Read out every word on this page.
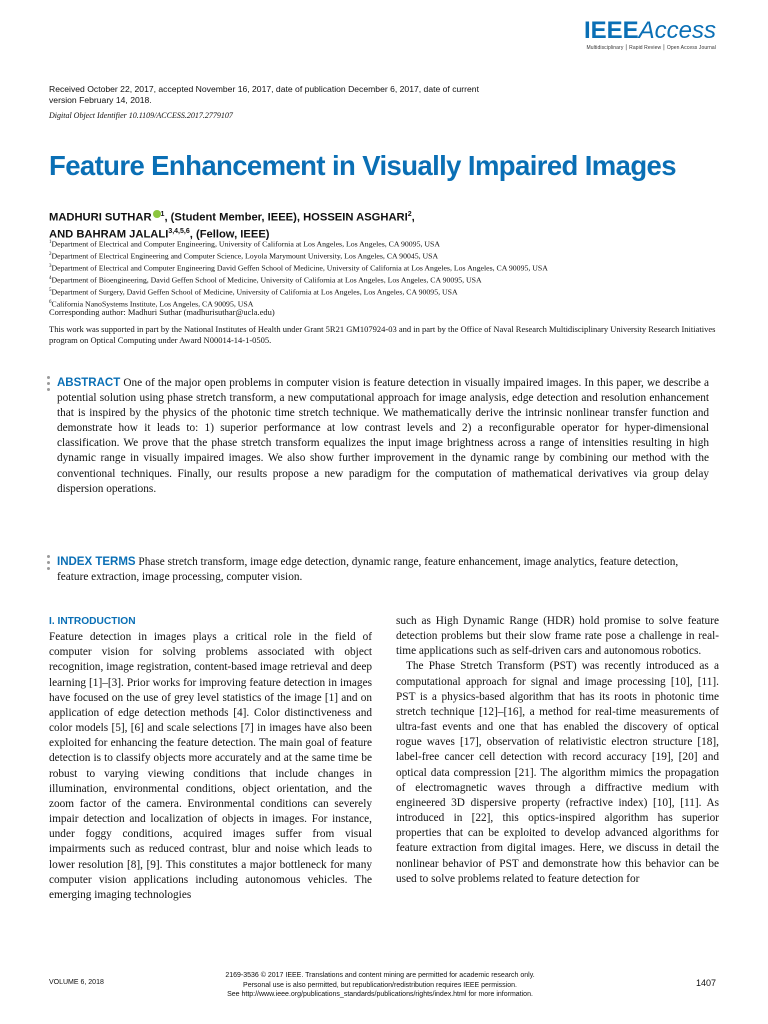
IEEEAccess
Multidisciplinary ⎮ Rapid Review ⎮ Open Access Journal
Received October 22, 2017, accepted November 16, 2017, date of publication December 6, 2017, date of current version February 14, 2018.
Digital Object Identifier 10.1109/ACCESS.2017.2779107
Feature Enhancement in Visually Impaired Images
MADHURI SUTHAR $^1$, (Student Member, IEEE), HOSSEIN ASGHARI$^2$,
AND BAHRAM JALALI$^{3,4,5,6}$, (Fellow, IEEE)
$^1$Department of Electrical and Computer Engineering, University of California at Los Angeles, Los Angeles, CA 90095, USA
$^2$Department of Electrical Engineering and Computer Science, Loyola Marymount University, Los Angeles, CA 90045, USA
$^3$Department of Electrical and Computer Engineering David Geffen School of Medicine, University of California at Los Angeles, Los Angeles, CA 90095, USA
$^4$Department of Bioengineering, David Geffen School of Medicine, University of California at Los Angeles, Los Angeles, CA 90095, USA
$^5$Department of Surgery, David Geffen School of Medicine, University of California at Los Angeles, Los Angeles, CA 90095, USA
$^6$California NanoSystems Institute, Los Angeles, CA 90095, USA
Corresponding author: Madhuri Suthar (madhurisuthar@ucla.edu)
This work was supported in part by the National Institutes of Health under Grant 5R21 GM107924-03 and in part by the Office of Naval Research Multidisciplinary University Research Initiatives program on Optical Computing under Award N00014-14-1-0505.
ABSTRACT One of the major open problems in computer vision is feature detection in visually impaired images. In this paper, we describe a potential solution using phase stretch transform, a new computational approach for image analysis, edge detection and resolution enhancement that is inspired by the physics of the photonic time stretch technique. We mathematically derive the intrinsic nonlinear transfer function and demonstrate how it leads to: 1) superior performance at low contrast levels and 2) a reconfigurable operator for hyper-dimensional classification. We prove that the phase stretch transform equalizes the input image brightness across a range of intensities resulting in high dynamic range in visually impaired images. We also show further improvement in the dynamic range by combining our method with the conventional techniques. Finally, our results propose a new paradigm for the computation of mathematical derivatives via group delay dispersion operations.
INDEX TERMS Phase stretch transform, image edge detection, dynamic range, feature enhancement, image analytics, feature detection, feature extraction, image processing, computer vision.
I. INTRODUCTION

Feature detection in images plays a critical role in the field of computer vision for solving problems associated with object recognition, image registration, content-based image retrieval and deep learning [1]–[3]. Prior works for improving feature detection in images have focused on the use of grey level statistics of the image [1] and on application of edge detection methods [4]. Color distinctiveness and color models [5], [6] and scale selections [7] in images have also been exploited for enhancing the feature detection. The main goal of feature detection is to classify objects more accurately and at the same time be robust to varying viewing conditions that include changes in illumination, environmental conditions, object orientation, and the zoom factor of the camera. Environmental conditions can severely impair detection and localization of objects in images. For instance, under foggy conditions, acquired images suffer from visual impairments such as reduced contrast, blur and noise which leads to lower resolution [8], [9]. This constitutes a major bottleneck for many computer vision applications including autonomous vehicles. The emerging imaging technologies

such as High Dynamic Range (HDR) hold promise to solve feature detection problems but their slow frame rate pose a challenge in real-time applications such as self-driven cars and autonomous robotics.

The Phase Stretch Transform (PST) was recently introduced as a computational approach for signal and image processing [10], [11]. PST is a physics-based algorithm that has its roots in photonic time stretch technique [12]–[16], a method for real-time measurements of ultra-fast events and one that has enabled the discovery of optical rogue waves [17], observation of relativistic electron structure [18], label-free cancer cell detection with record accuracy [19], [20] and optical data compression [21]. The algorithm mimics the propagation of electromagnetic waves through a diffractive medium with engineered 3D dispersive property (refractive index) [10], [11]. As introduced in [22], this optics-inspired algorithm has superior properties that can be exploited to develop advanced algorithms for feature extraction from digital images. Here, we discuss in detail the nonlinear behavior of PST and demonstrate how this behavior can be used to solve problems related to feature detection for

VOLUME 6, 2018
2169-3536 © 2017 IEEE. Translations and content mining are permitted for academic research only.
Personal use is also permitted, but republication/redistribution requires IEEE permission.
See http://www.ieee.org/publications_standards/publications/rights/index.html for more information.
1407
